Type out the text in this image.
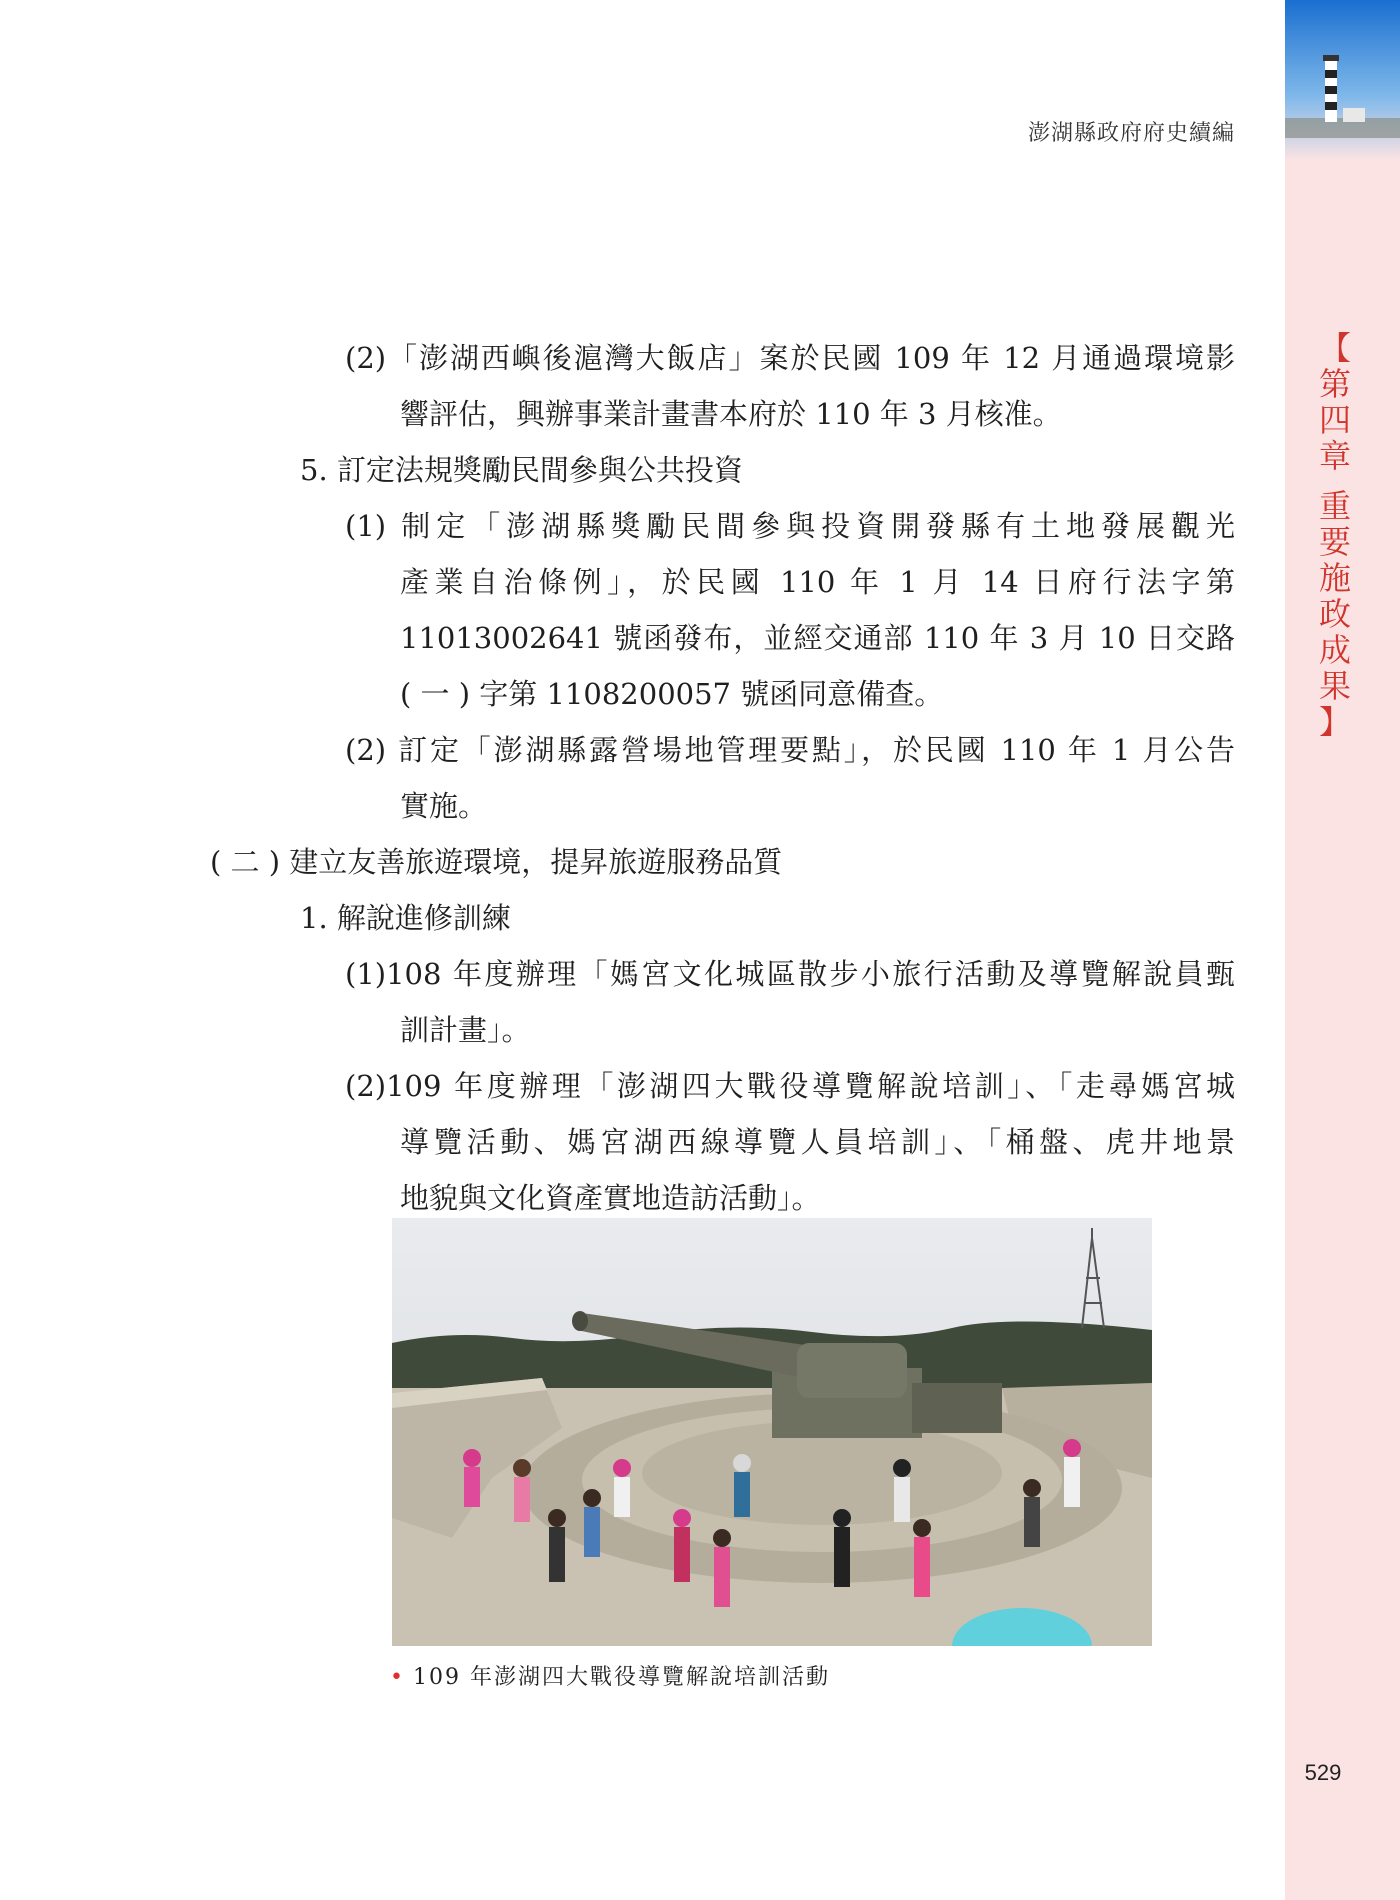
【
第
四
章
重
要
施
政
成
果
】
澎湖縣政府府史續編
(2)「澎湖西嶼後滬灣大飯店」案於民國 109 年 12 月通過環境影
響評估，興辦事業計畫書本府於 110 年 3 月核准。
5. 訂定法規獎勵民間參與公共投資
(1) 制定「澎湖縣獎勵民間參與投資開發縣有土地發展觀光
產業自治條例」，於民國 110 年 1 月 14 日府行法字第
11013002641 號函發布，並經交通部 110 年 3 月 10 日交路
( 一 ) 字第 1108200057 號函同意備查。
(2) 訂定「澎湖縣露營場地管理要點」，於民國 110 年 1 月公告
實施。
( 二 ) 建立友善旅遊環境，提昇旅遊服務品質
1. 解說進修訓練
(1)108 年度辦理「媽宮文化城區散步小旅行活動及導覽解說員甄
訓計畫」。
(2)109 年度辦理「澎湖四大戰役導覽解說培訓」、「走尋媽宮城
導覽活動、媽宮湖西線導覽人員培訓」、「桶盤、虎井地景
地貌與文化資產實地造訪活動」。
• 109 年澎湖四大戰役導覽解說培訓活動
529
